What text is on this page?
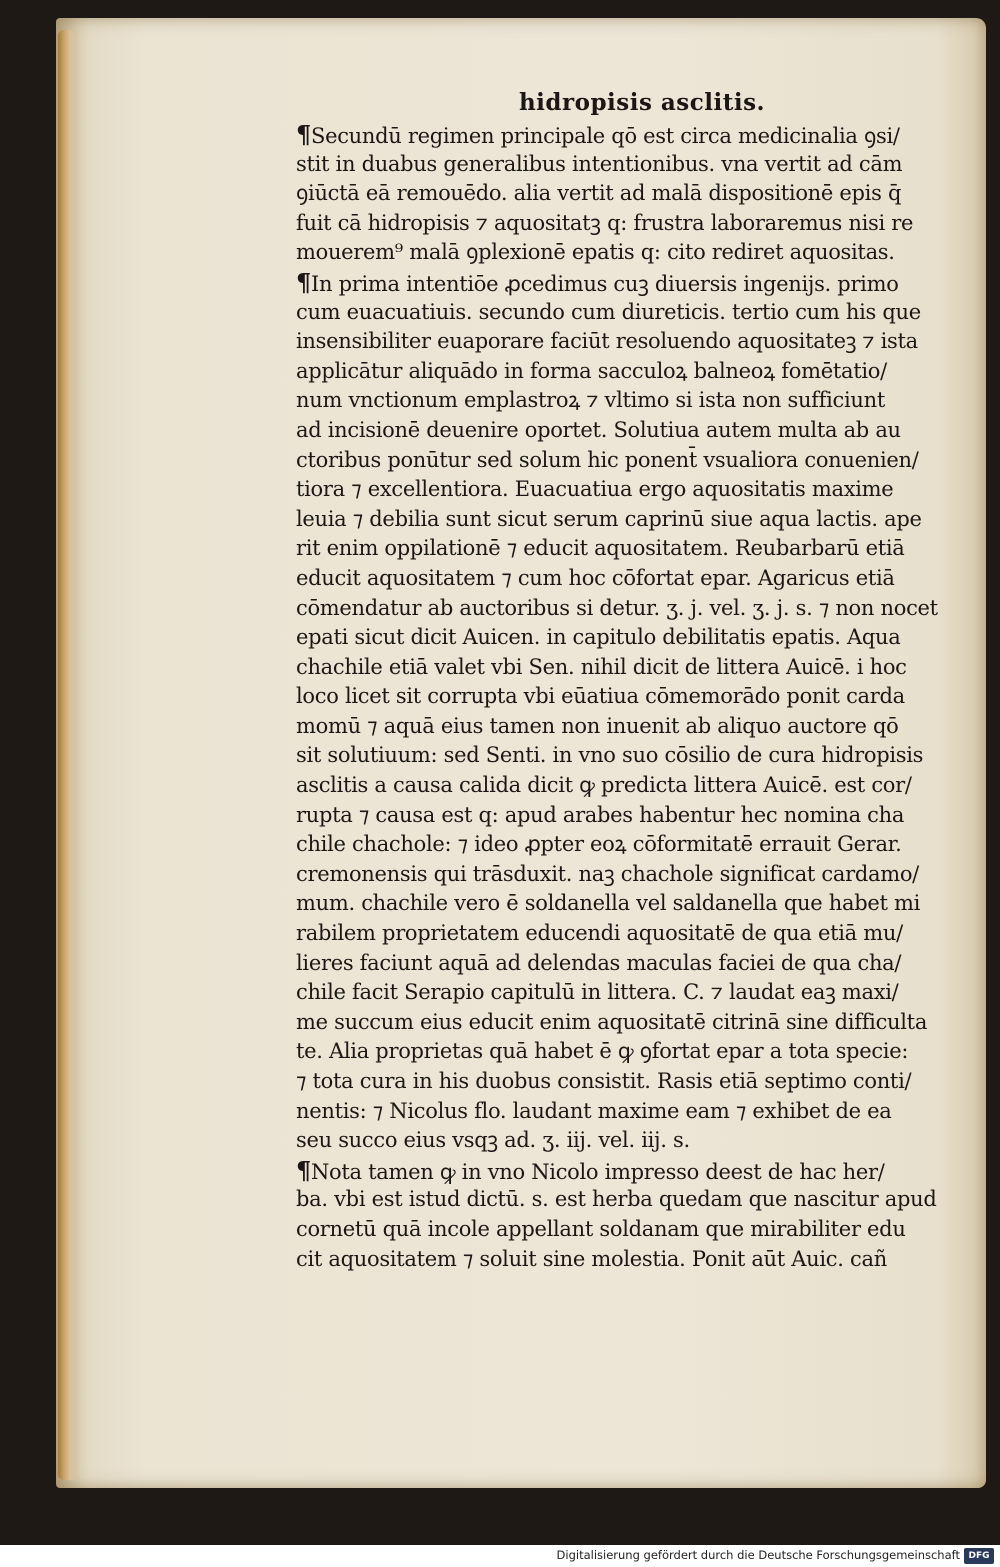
hidropisis asclitis.
¶Secundū regimen principale qō est circa medicinalia ꝯsi/
stit in duabus generalibus intentionibus. vna vertit ad cām
ꝯiūctā eā remouēdo. alia vertit ad malā dispositionē epis q̄
fuit cā hidropisis ⁊ aquositatꝫ q: frustra laboraremus nisi re
mouerem⁹ malā ꝯplexionē epatis q: cito rediret aquositas.
¶In prima intentiōe ꝓcedimus cuꝫ diuersis ingenijs. primo
cum euacuatiuis. secundo cum diureticis. tertio cum his que
insensibiliter euaporare faciūt resoluendo aquositateꝫ ⁊ ista
applicātur aliquādo in forma sacculoꝝ balneoꝝ fomētatio/
num vnctionum emplastroꝝ ⁊ vltimo si ista non sufficiunt
ad incisionē deuenire oportet. Solutiua autem multa ab au
ctoribus ponūtur sed solum hic ponent̄ vsualiora conuenien/
tiora ⁊ excellentiora. Euacuatiua ergo aquositatis maxime
leuia ⁊ debilia sunt sicut serum caprinū siue aqua lactis. ape
rit enim oppilationē ⁊ educit aquositatem. Reubarbarū etiā
educit aquositatem ⁊ cum hoc cōfortat epar. Agaricus etiā
cōmendatur ab auctoribus si detur. ʒ. j. vel. ʒ. j. s. ⁊ non nocet
epati sicut dicit Auicen. in capitulo debilitatis epatis. Aqua
chachile etiā valet vbi Sen. nihil dicit de littera Auicē. i hoc
loco licet sit corrupta vbi eūatiua cōmemorādo ponit carda
momū ⁊ aquā eius tamen non inuenit ab aliquo auctore qō
sit solutiuum: sed Senti. in vno suo cōsilio de cura hidropisis
asclitis a causa calida dicit ꝙ predicta littera Auicē. est cor/
rupta ⁊ causa est q: apud arabes habentur hec nomina cha
chile chachole: ⁊ ideo ꝓpter eoꝝ cōformitatē errauit Gerar.
cremonensis qui trāsduxit. naꝫ chachole significat cardamo/
mum. chachile vero ē soldanella vel saldanella que habet mi
rabilem proprietatem educendi aquositatē de qua etiā mu/
lieres faciunt aquā ad delendas maculas faciei de qua cha/
chile facit Serapio capitulū in littera. C. ⁊ laudat eaꝫ maxi/
me succum eius educit enim aquositatē citrinā sine difficulta
te. Alia proprietas quā habet ē ꝙ ꝯfortat epar a tota specie:
⁊ tota cura in his duobus consistit. Rasis etiā septimo conti/
nentis: ⁊ Nicolus flo. laudant maxime eam ⁊ exhibet de ea
seu succo eius vsqꝫ ad. ʒ. iij. vel. iij. s.
¶Nota tamen ꝙ in vno Nicolo impresso deest de hac her/
ba. vbi est istud dictū. s. est herba quedam que nascitur apud
cornetū quā incole appellant soldanam que mirabiliter edu
cit aquositatem ⁊ soluit sine molestia. Ponit aūt Auic. cañ
Digitalisierung gefördert durch die Deutsche Forschungsgemeinschaft DFG
